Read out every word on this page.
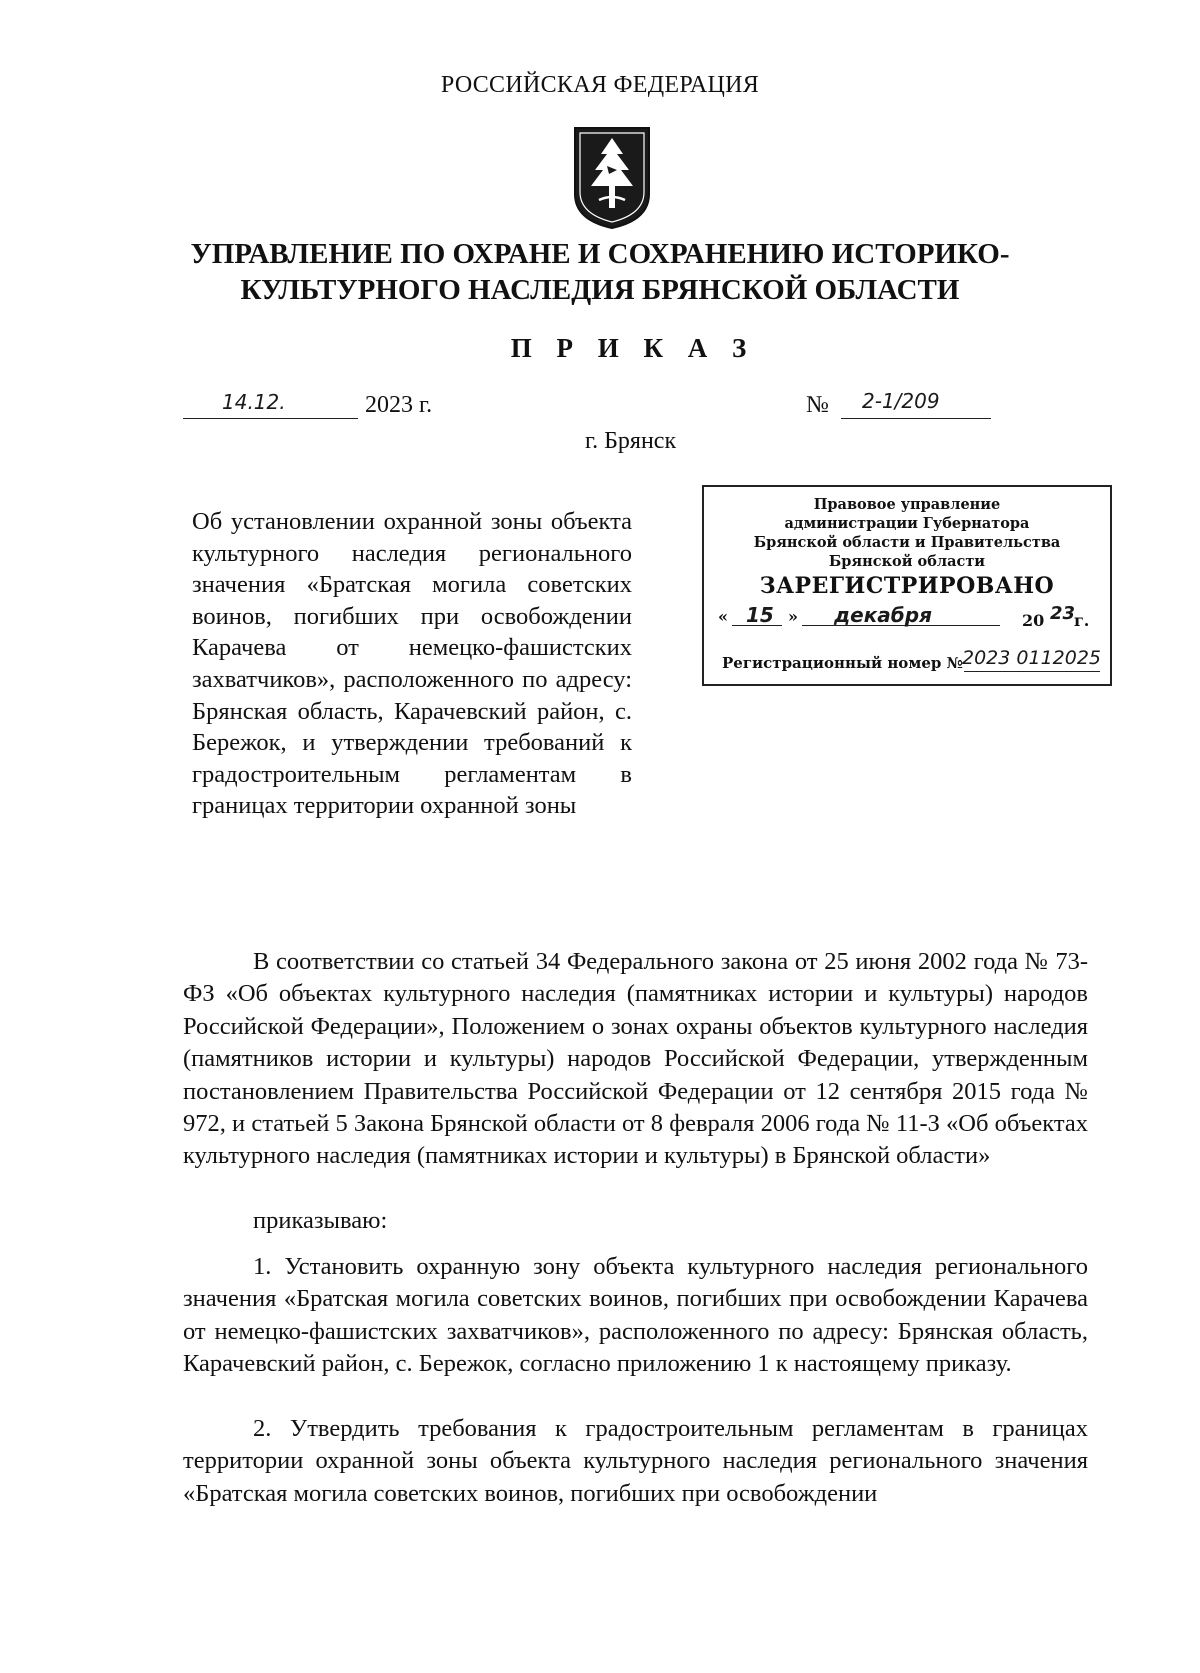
РОССИЙСКАЯ ФЕДЕРАЦИЯ
УПРАВЛЕНИЕ ПО ОХРАНЕ И СОХРАНЕНИЮ ИСТОРИКО-
КУЛЬТУРНОГО НАСЛЕДИЯ БРЯНСКОЙ ОБЛАСТИ
П Р И К А З
14.12.	2023 г.	№ 2-1/209
г. Брянск
Об установлении охранной зоны объекта культурного наследия регионального значения «Братская могила советских воинов, погибших при освобождении Карачева от немецко-фашистских захватчиков», расположенного по адресу: Брянская область, Карачевский район, с. Бережок, и утверждении требований к градостроительным регламентам в границах территории охранной зоны
Правовое управление
администрации Губернатора
Брянской области и Правительства
Брянской области
ЗАРЕГИСТРИРОВАНО
« 15 » декабря	20 23
г.
Регистрационный номер № 2023 0112025
В соответствии со статьей 34 Федерального закона от 25 июня 2002 года № 73-ФЗ «Об объектах культурного наследия (памятниках истории и культуры) народов Российской Федерации», Положением о зонах охраны объектов культурного наследия (памятников истории и культуры) народов Российской Федерации, утвержденным постановлением Правительства Российской Федерации от 12 сентября 2015 года № 972, и статьей 5 Закона Брянской области от 8 февраля 2006 года № 11-З «Об объектах культурного наследия (памятниках истории и культуры) в Брянской области»
приказываю:
1. Установить охранную зону объекта культурного наследия регионального значения «Братская могила советских воинов, погибших при освобождении Карачева от немецко-фашистских захватчиков», расположенного по адресу: Брянская область, Карачевский район, с. Бережок, согласно приложению 1 к настоящему приказу.
2. Утвердить требования к градостроительным регламентам в границах территории охранной зоны объекта культурного наследия регионального значения «Братская могила советских воинов, погибших при освобождении
